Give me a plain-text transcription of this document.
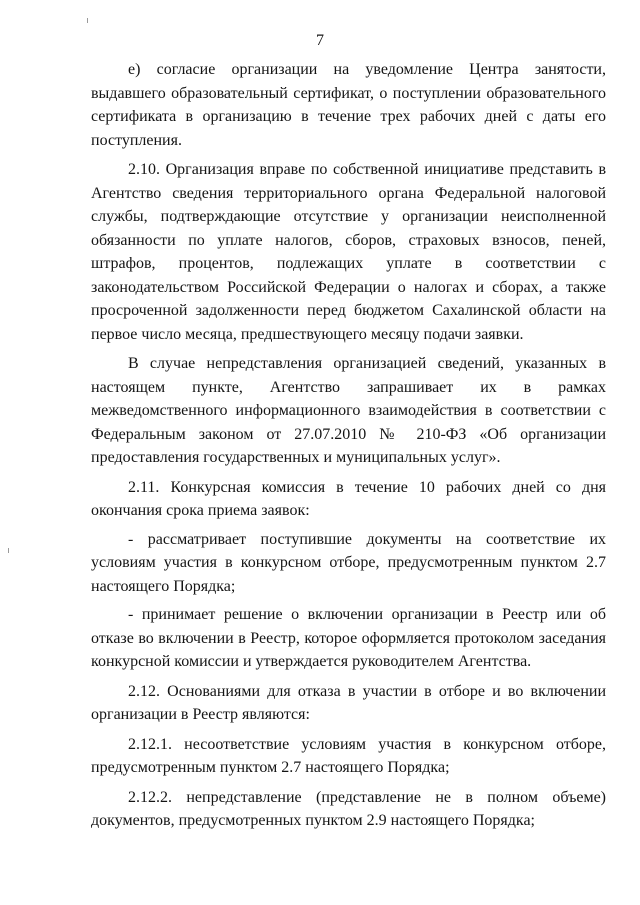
7

е) согласие организации на уведомление Центра занятости, выдавшего образовательный сертификат, о поступлении образовательного сертификата в организацию в течение трех рабочих дней с даты его поступления.

2.10. Организация вправе по собственной инициативе представить в Агентство сведения территориального органа Федеральной налоговой службы, подтверждающие отсутствие у организации неисполненной обязанности по уплате налогов, сборов, страховых взносов, пеней, штрафов, процентов, подлежащих уплате в соответствии с законодательством Российской Федерации о налогах и сборах, а также просроченной задолженности перед бюджетом Сахалинской области на первое число месяца, предшествующего месяцу подачи заявки.

В случае непредставления организацией сведений, указанных в настоящем пункте, Агентство запрашивает их в рамках межведомственного информационного взаимодействия в соответствии с Федеральным законом от 27.07.2010 № 210-ФЗ «Об организации предоставления государственных и муниципальных услуг».

2.11. Конкурсная комиссия в течение 10 рабочих дней со дня окончания срока приема заявок:

- рассматривает поступившие документы на соответствие их условиям участия в конкурсном отборе, предусмотренным пунктом 2.7 настоящего Порядка;

- принимает решение о включении организации в Реестр или об отказе во включении в Реестр, которое оформляется протоколом заседания конкурсной комиссии и утверждается руководителем Агентства.

2.12. Основаниями для отказа в участии в отборе и во включении организации в Реестр являются:

2.12.1. несоответствие условиям участия в конкурсном отборе, предусмотренным пунктом 2.7 настоящего Порядка;

2.12.2. непредставление (представление не в полном объеме) документов, предусмотренных пунктом 2.9 настоящего Порядка;
